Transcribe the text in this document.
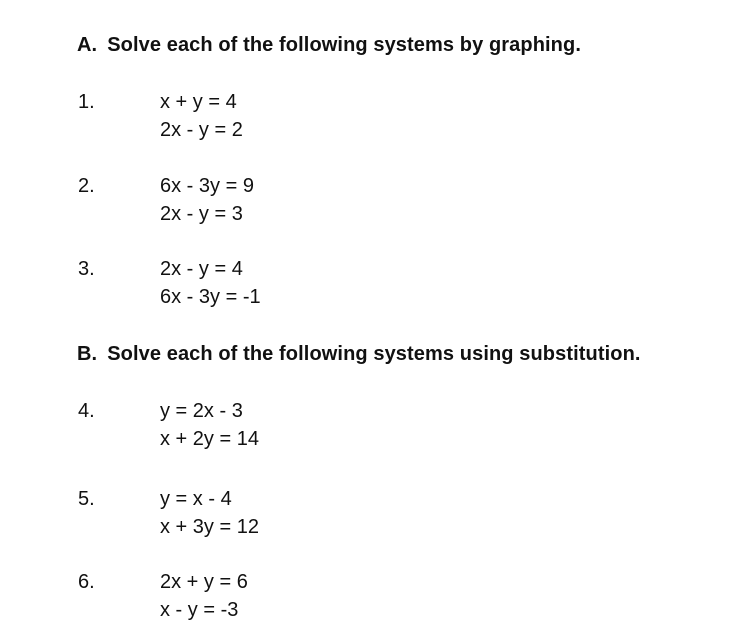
A. Solve each of the following systems by graphing.
1.	x + y = 4
2x - y = 2
2.	6x - 3y = 9
2x - y = 3
3.	2x - y = 4
6x - 3y = -1
B. Solve each of the following systems using substitution.
4.	y = 2x - 3
x + 2y = 14
5.	y = x - 4
x + 3y = 12
6.	2x + y = 6
x - y = -3
